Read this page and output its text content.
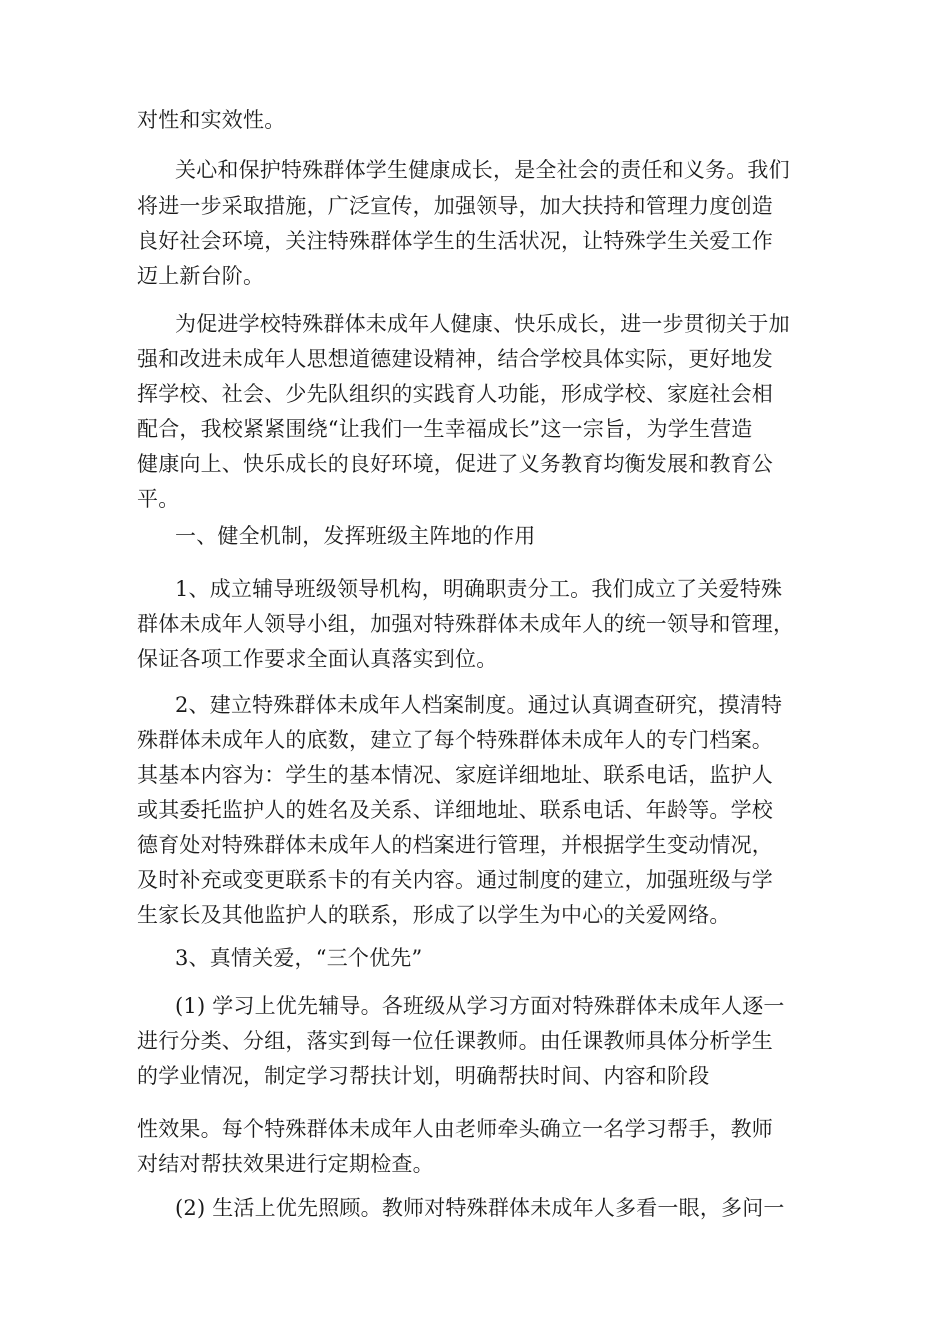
对性和实效性。
关心和保护特殊群体学生健康成长，是全社会的责任和义务。我们
将进一步采取措施，广泛宣传，加强领导，加大扶持和管理力度创造
良好社会环境，关注特殊群体学生的生活状况，让特殊学生关爱工作
迈上新台阶。
为促进学校特殊群体未成年人健康、快乐成长，进一步贯彻关于加
强和改进未成年人思想道德建设精神，结合学校具体实际，更好地发
挥学校、社会、少先队组织的实践育人功能，形成学校、家庭社会相
配合，我校紧紧围绕“让我们一生幸福成长”这一宗旨，为学生营造
健康向上、快乐成长的良好环境，促进了义务教育均衡发展和教育公
平。
一、健全机制，发挥班级主阵地的作用
1、成立辅导班级领导机构，明确职责分工。我们成立了关爱特殊
群体未成年人领导小组，加强对特殊群体未成年人的统一领导和管理，
保证各项工作要求全面认真落实到位。
2、建立特殊群体未成年人档案制度。通过认真调查研究，摸清特
殊群体未成年人的底数，建立了每个特殊群体未成年人的专门档案。
其基本内容为：学生的基本情况、家庭详细地址、联系电话，监护人
或其委托监护人的姓名及关系、详细地址、联系电话、年龄等。学校
德育处对特殊群体未成年人的档案进行管理，并根据学生变动情况，
及时补充或变更联系卡的有关内容。通过制度的建立，加强班级与学
生家长及其他监护人的联系，形成了以学生为中心的关爱网络。
3、真情关爱，“三个优先”
(1) 学习上优先辅导。各班级从学习方面对特殊群体未成年人逐一
进行分类、分组，落实到每一位任课教师。由任课教师具体分析学生
的学业情况，制定学习帮扶计划，明确帮扶时间、内容和阶段
性效果。每个特殊群体未成年人由老师牵头确立一名学习帮手，教师
对结对帮扶效果进行定期检查。
(2) 生活上优先照顾。教师对特殊群体未成年人多看一眼，多问一
